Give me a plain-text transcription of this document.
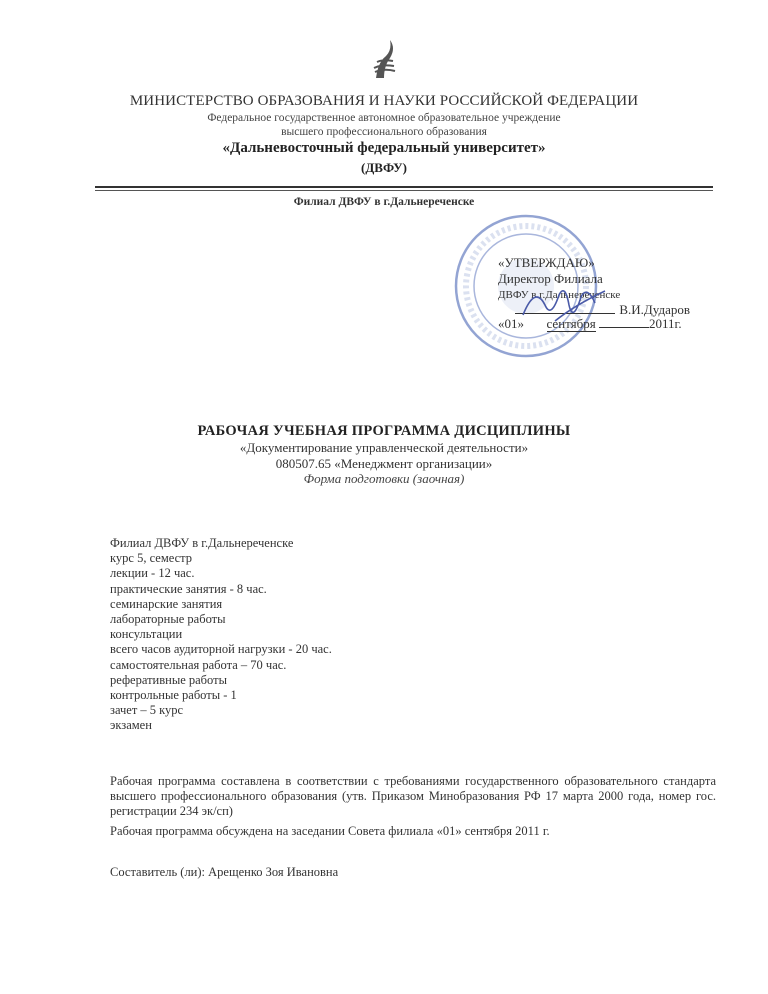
МИНИСТЕРСТВО ОБРАЗОВАНИЯ И НАУКИ РОССИЙСКОЙ ФЕДЕРАЦИИ
Федеральное государственное автономное образовательное учреждение
высшего профессионального образования
«Дальневосточный федеральный университет»
(ДВФУ)
Филиал ДВФУ в г.Дальнереченске
«УТВЕРЖДАЮ»
Директор Филиала
ДВФУ в г.Дальнереченске
В.И.Дударов
«01» сентября	2011г.
РАБОЧАЯ УЧЕБНАЯ ПРОГРАММА ДИСЦИПЛИНЫ
«Документирование управленческой деятельности»
080507.65 «Менеджмент организации»
Форма подготовки (заочная)
Филиал ДВФУ в г.Дальнереченске
курс 5, семестр
лекции - 12 час.
практические занятия - 8 час.
семинарские занятия
лабораторные работы
консультации
всего часов аудиторной нагрузки - 20 час.
самостоятельная работа – 70 час.
реферативные работы
контрольные работы - 1
зачет – 5 курс
экзамен
Рабочая программа составлена в соответствии с требованиями государственного образовательного стандарта высшего профессионального образования (утв. Приказом Минобразования РФ 17 марта 2000 года, номер гос. регистрации 234 эк/сп)
Рабочая программа обсуждена на заседании Совета филиала «01» сентября 2011 г.
Составитель (ли): Арещенко Зоя Ивановна
